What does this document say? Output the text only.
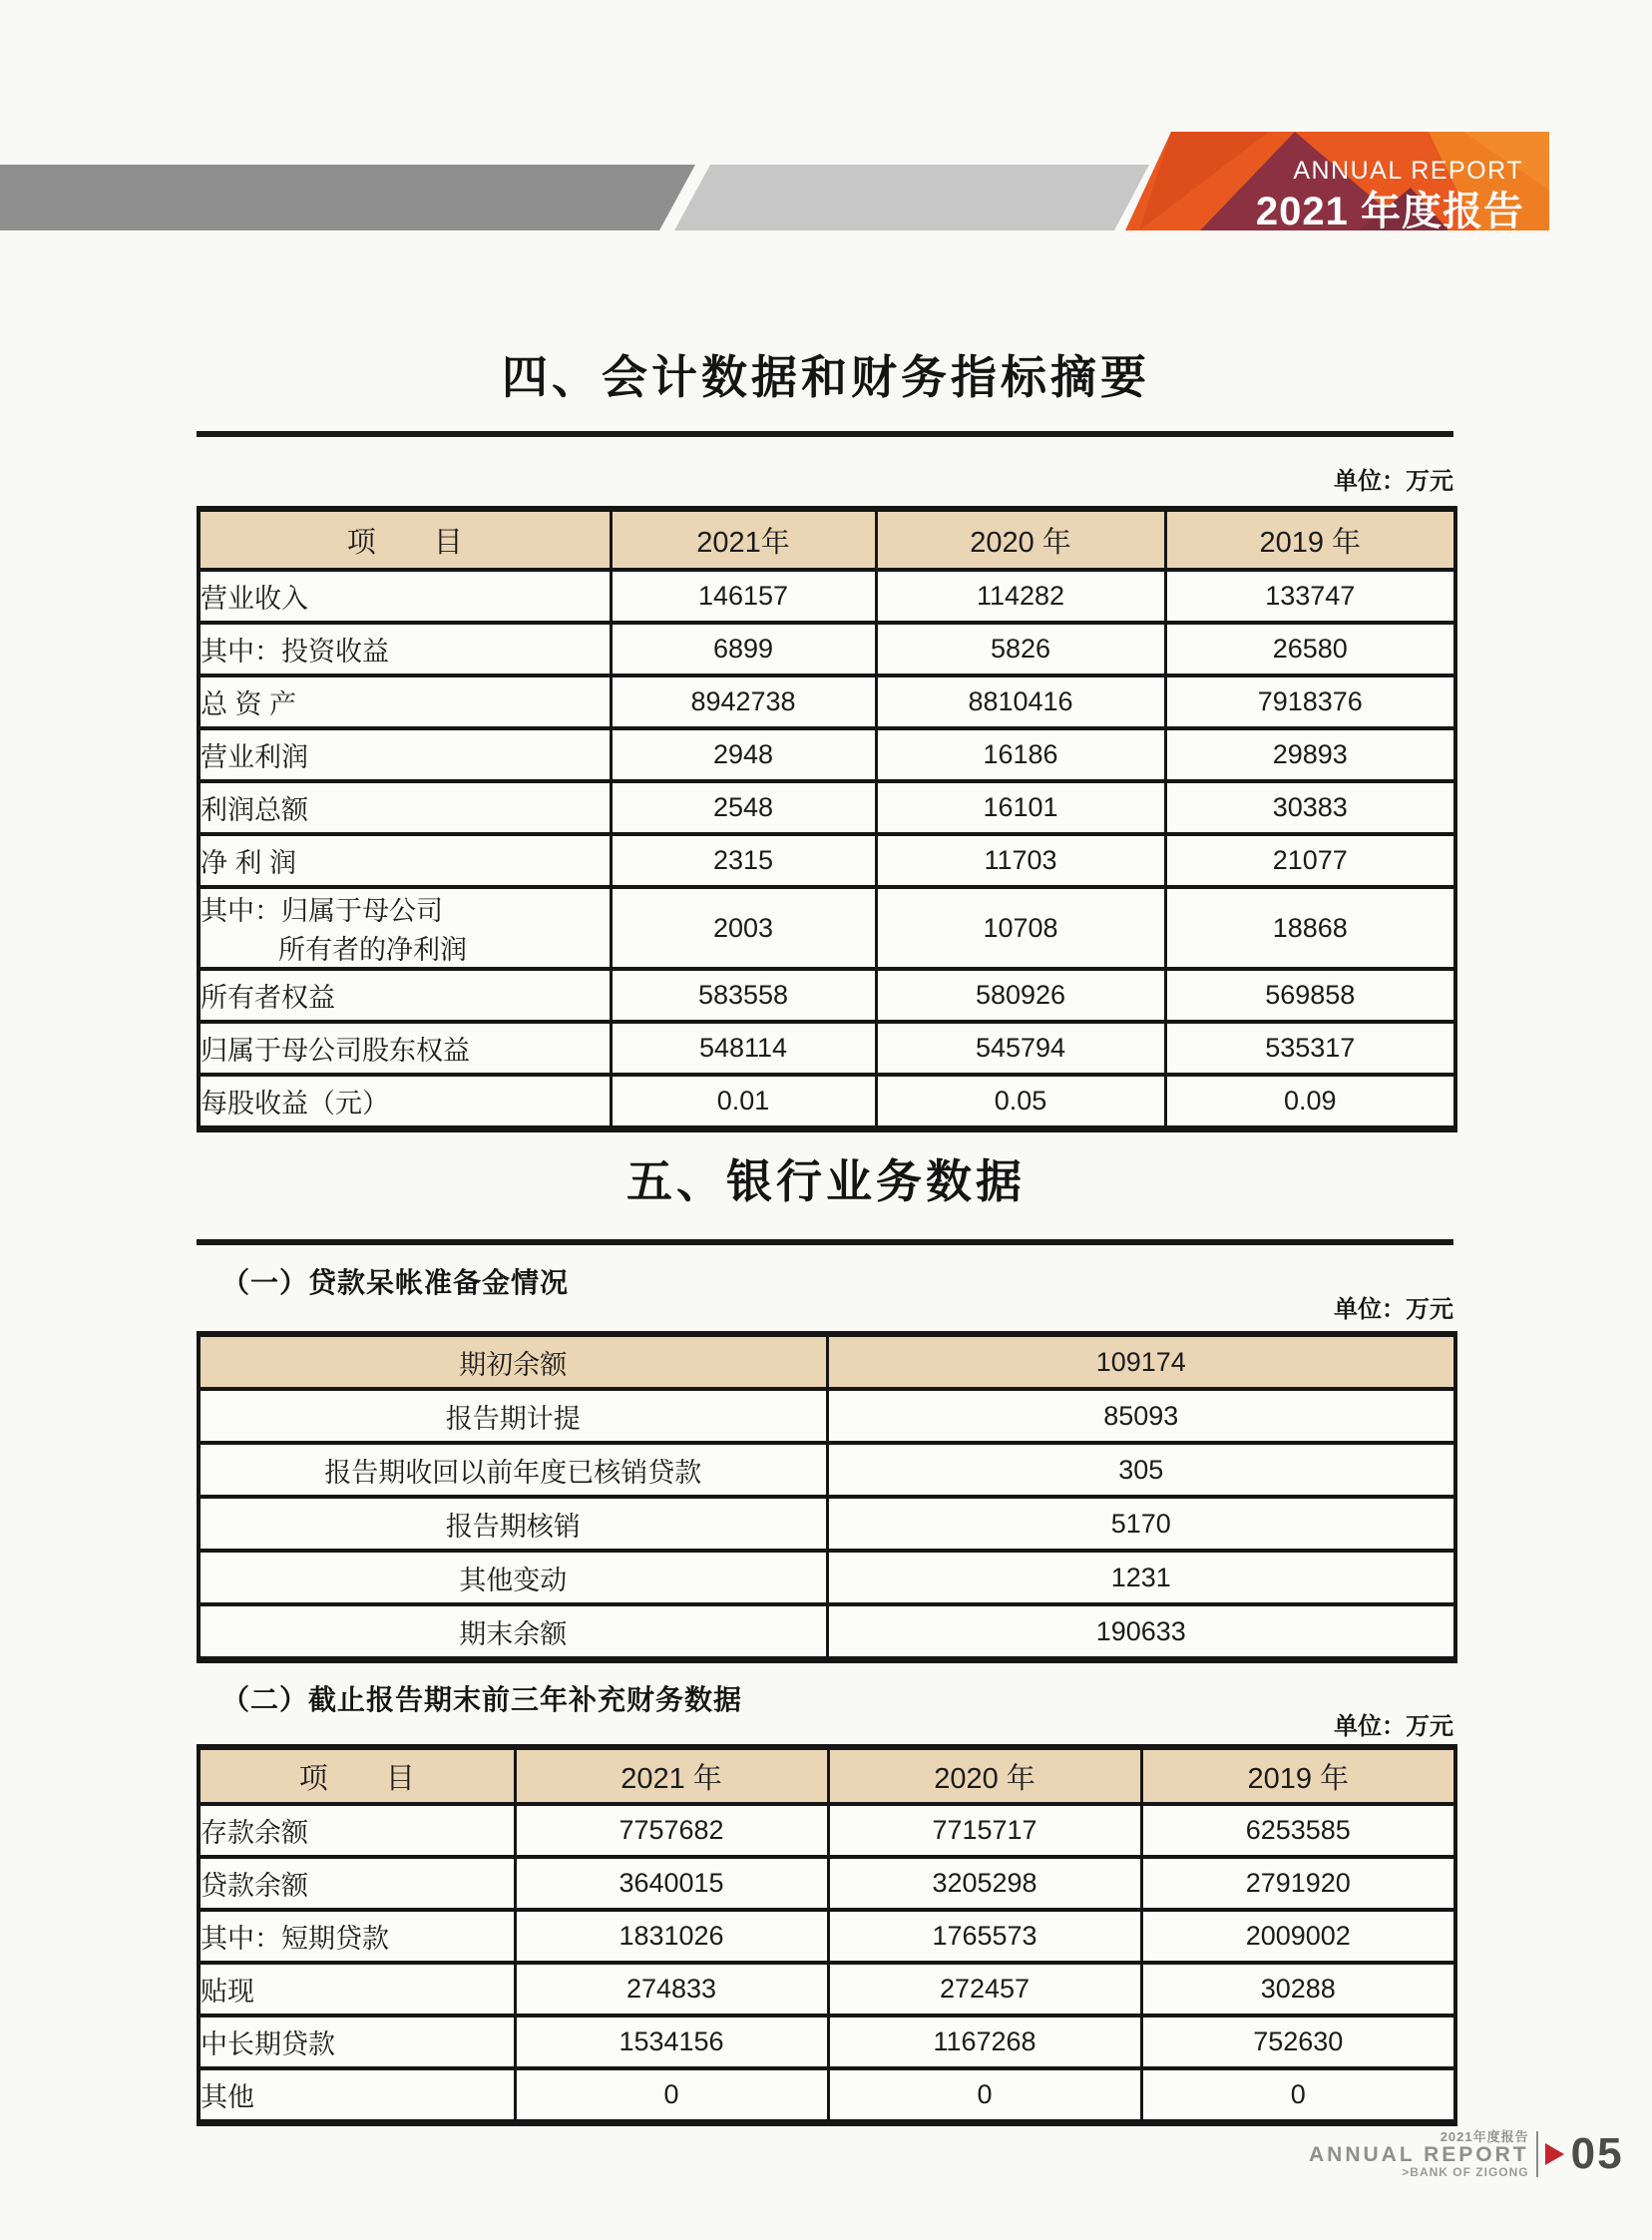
ANNUAL REPORT
2021 年度报告
四、会计数据和财务指标摘要
单位：万元
项　　目	2021年	2020 年	2019 年
营业收入	146157	114282	133747
其中：投资收益	6899	5826	26580
总 资 产	8942738	8810416	7918376
营业利润	2948	16186	29893
利润总额	2548	16101	30383
净 利 润	2315	11703	21077

其中：归属于母公司
所有者的净利润	2003	10708	18868
所有者权益	583558	580926	569858
归属于母公司股东权益	548114	545794	535317
每股收益（元）	0.01	0.05	0.09
五、银行业务数据
（一）贷款呆帐准备金情况
单位：万元
期初余额	109174
报告期计提	85093
报告期收回以前年度已核销贷款	305
报告期核销	5170
其他变动	1231
期末余额	190633
（二）截止报告期末前三年补充财务数据
单位：万元
项　　目	2021 年	2020 年	2019 年
存款余额	7757682	7715717	6253585
贷款余额	3640015	3205298	2791920
其中：短期贷款	1831026	1765573	2009002
贴现	274833	272457	30288
中长期贷款	1534156	1167268	752630
其他	0	0	0
2021年度报告
ANNUAL REPORT
>BANK OF ZIGONG 05
